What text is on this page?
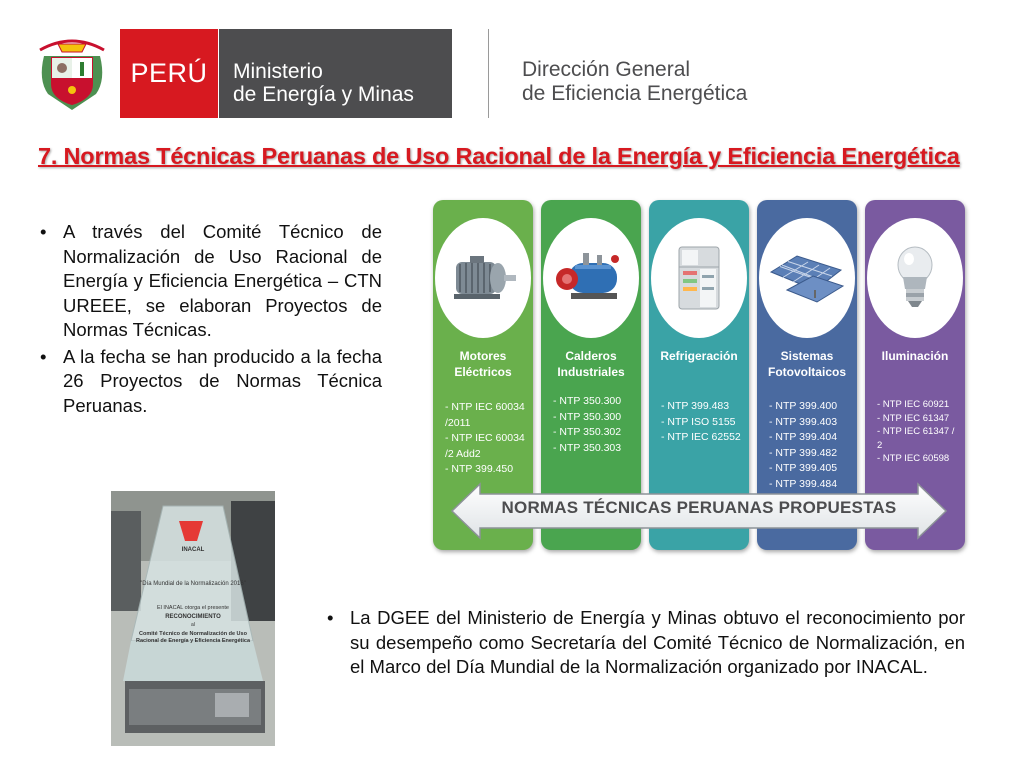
PERÚ	Ministerio
de Energía y Minas
Dirección General
de Eficiencia Energética
7. Normas Técnicas Peruanas de Uso Racional de la Energía y Eficiencia Energética
• A través del Comité Técnico de Normalización de Uso Racional de Energía y Eficiencia Energética – CTN UREEE, se elaboran Proyectos de Normas Técnicas.
• A la fecha se han producido a la fecha 26 Proyectos de Normas Técnica Peruanas.
Motores Eléctricos
- NTP IEC 60034 /2011
- NTP IEC 60034 /2 Add2
- NTP 399.450
Calderos Industriales
- NTP 350.300
- NTP 350.300
- NTP 350.302
- NTP 350.303
Refrigeración
- NTP 399.483
- NTP ISO 5155
- NTP IEC 62552
Sistemas Fotovoltaicos
- NTP 399.400
- NTP 399.403
- NTP 399.404
- NTP 399.482
- NTP 399.405
- NTP 399.484
Iluminación
- NTP IEC 60921
- NTP IEC 61347
- NTP IEC 61347 / 2
- NTP IEC 60598
NORMAS TÉCNICAS PERUANAS PROPUESTAS
INACAL
"Día Mundial de la Normalización 2016"
El INACAL otorga el presente
RECONOCIMIENTO
al
Comité Técnico de Normalización de Uso Racional de Energía y Eficiencia Energética
• La DGEE del Ministerio de Energía y Minas obtuvo el reconocimiento por su desempeño como Secretaría del Comité Técnico de Normalización, en el Marco del Día Mundial de la Normalización organizado por INACAL.
